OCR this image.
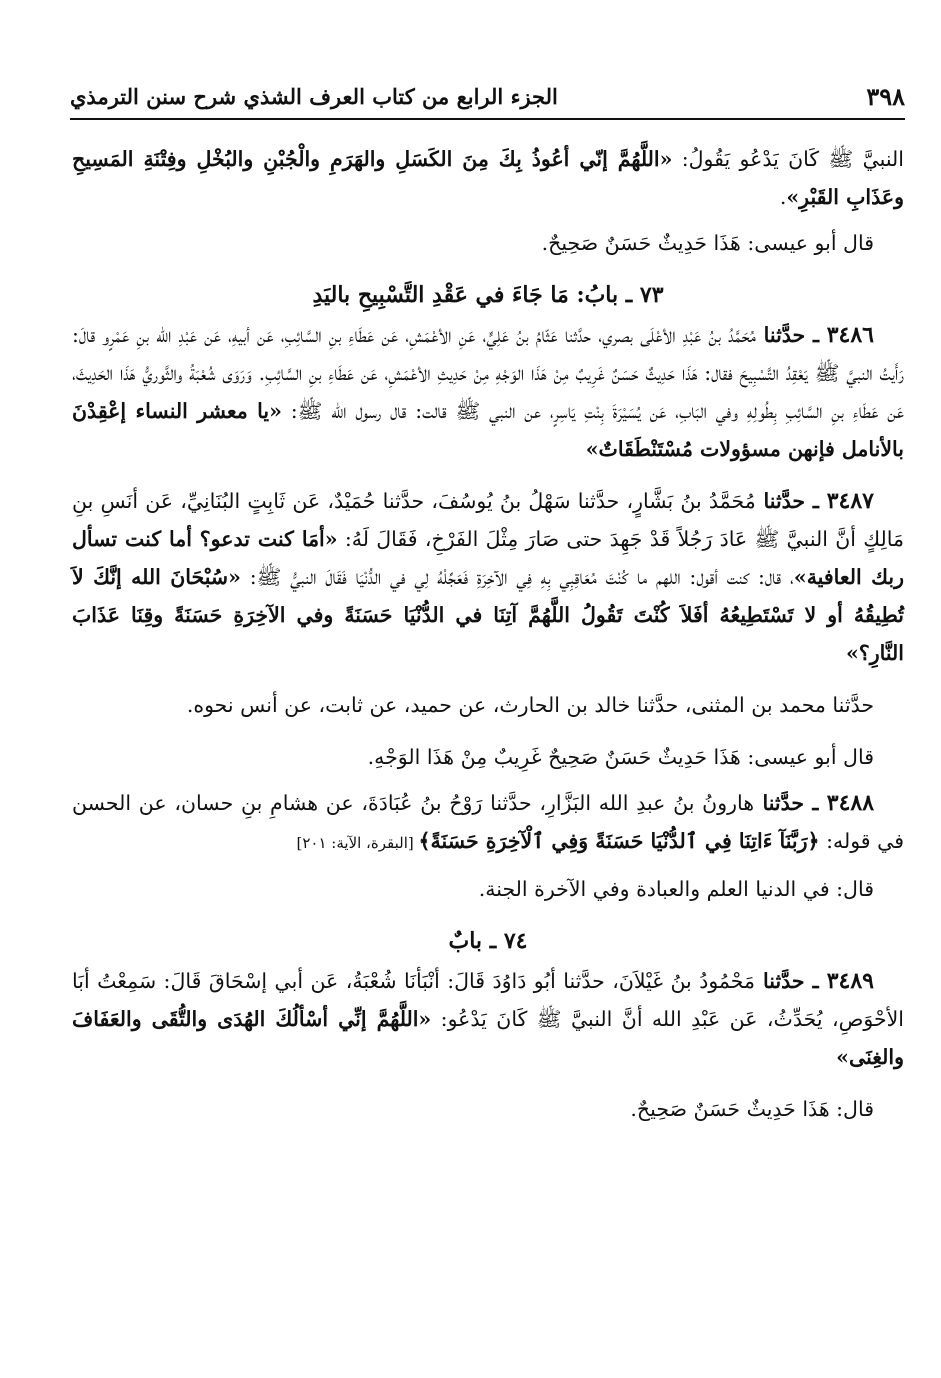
٣٩٨
الجزء الرابع من كتاب العرف الشذي شرح سنن الترمذي

النبيَّ ﷺ كَانَ يَدْعُو يَقُولُ: «اللَّهُمَّ إنّي أعُوذُ بِكَ مِنَ الكَسَلِ والهَرَمِ والْجُبْنِ والبُخْلِ وفِتْنَةِ المَسِيحِ وعَذَابِ القَبْرِ».

قال أبو عيسى: هَذَا حَدِيثٌ حَسَنٌ صَحِيحٌ.

٧٣ ـ بابُ: مَا جَاءَ في عَقْدِ التَّسْبِيحِ باليَدِ

٣٤٨٦ ـ حدَّثنا مُحَمَّدُ بنُ عَبْدِ الأعْلَى بصري، حدَّثنا عَثّامُ بنُ عَلِيٍّ، عَنِ الأعْمَشِ، عَن عَطَاءِ بنِ السَّائِبِ، عَن أبيهِ، عَن عَبْدِ الله بنِ عَمْرٍو قالَ: رَأَيتُ النبيَّ ﷺ يَعْقِدُ التَّسْبِيحَ فقال: هَذَا حَدِيثٌ حَسَنٌ غَرِيبٌ مِنْ هَذَا الوَجْهِ مِنْ حَدِيثِ الأعْمَشِ، عَن عَطَاءِ بنِ السَّائِبِ. وَرَوَى شُعْبَةُ والثَّوريُّ هَذَا الحَدِيثَ، عَن عَطَاءِ بنِ السَّائِبِ بِطُولِهِ وفي البَابِ، عَن يُسَيْرَةَ بِنْتِ يَاسِرٍ، عن النبي ﷺ قالت: قال رسول الله ﷺ: «يا معشر النساء إعْقِدْنَ بالأنامل فإنهن مسؤولات مُسْتَنْطَقَاتٌ»

٣٤٨٧ ـ حدَّثنا مُحَمَّدُ بنُ بَشَّارٍ، حدَّثنا سَهْلُ بنُ يُوسُفَ، حدَّثنا حُمَيْدٌ، عَن ثَابِتٍ البُنَانِيِّ، عَن أنَسِ بنِ مَالِكٍ أنَّ النبيَّ ﷺ عَادَ رَجُلاً قَدْ جَهِدَ حتى صَارَ مِثْلَ الفَرْخِ، فَقَالَ لَهُ: «أمَا كنت تدعو؟ أما كنت تسأل ربك العافية»، قال: كنت أقول: اللهم ما كُنْتَ مُعَاقِبِي بِهِ فِي الآخِرَةِ فَعَجِّلْهُ لِي في الدُّنْيَا فَقَالَ النبيُّ ﷺ: «سُبْحَانَ الله إنَّكَ لاَ تُطِيقُهُ أو لا تَسْتَطِيعُهُ أفَلاَ كُنْتَ تَقُولُ اللَّهُمَّ آتِنَا في الدُّنْيَا حَسَنَةً وفي الآخِرَةِ حَسَنَةً وقِنَا عَذَابَ النَّارِ؟»

حدَّثنا محمد بن المثنى، حدَّثنا خالد بن الحارث، عن حميد، عن ثابت، عن أنس نحوه.

قال أبو عيسى: هَذَا حَدِيثٌ حَسَنٌ صَحِيحٌ غَرِيبٌ مِنْ هَذَا الوَجْهِ.

٣٤٨٨ ـ حدَّثنا هارونُ بنُ عبدِ الله البَزَّارِ، حدَّثنا رَوْحُ بنُ عُبَادَةَ، عن هشامِ بنِ حسان، عن الحسن في قوله: ﴿رَبَّنَآ ءَاتِنَا فِي ٱلدُّنْيَا حَسَنَةً وَفِي ٱلْآخِرَةِ حَسَنَةً﴾ [البقرة، الآية: ٢٠١]

قال: في الدنيا العلم والعبادة وفي الآخرة الجنة.

٧٤ ـ بابٌ

٣٤٨٩ ـ حدَّثنا مَحْمُودُ بنُ غَيْلاَنَ، حدَّثنا أبُو دَاوُدَ قَالَ: أنْبَأنَا شُعْبَةُ، عَن أبي إسْحَاقَ قَالَ: سَمِعْتُ أبَا الأحْوَصِ، يُحَدِّثُ، عَن عَبْدِ الله أنَّ النبيَّ ﷺ كَانَ يَدْعُو: «اللَّهُمَّ إنِّي أسْألُكَ الهُدَى والتُّقَى والعَفَافَ والغِنَى»

قال: هَذَا حَدِيثٌ حَسَنٌ صَحِيحٌ.
